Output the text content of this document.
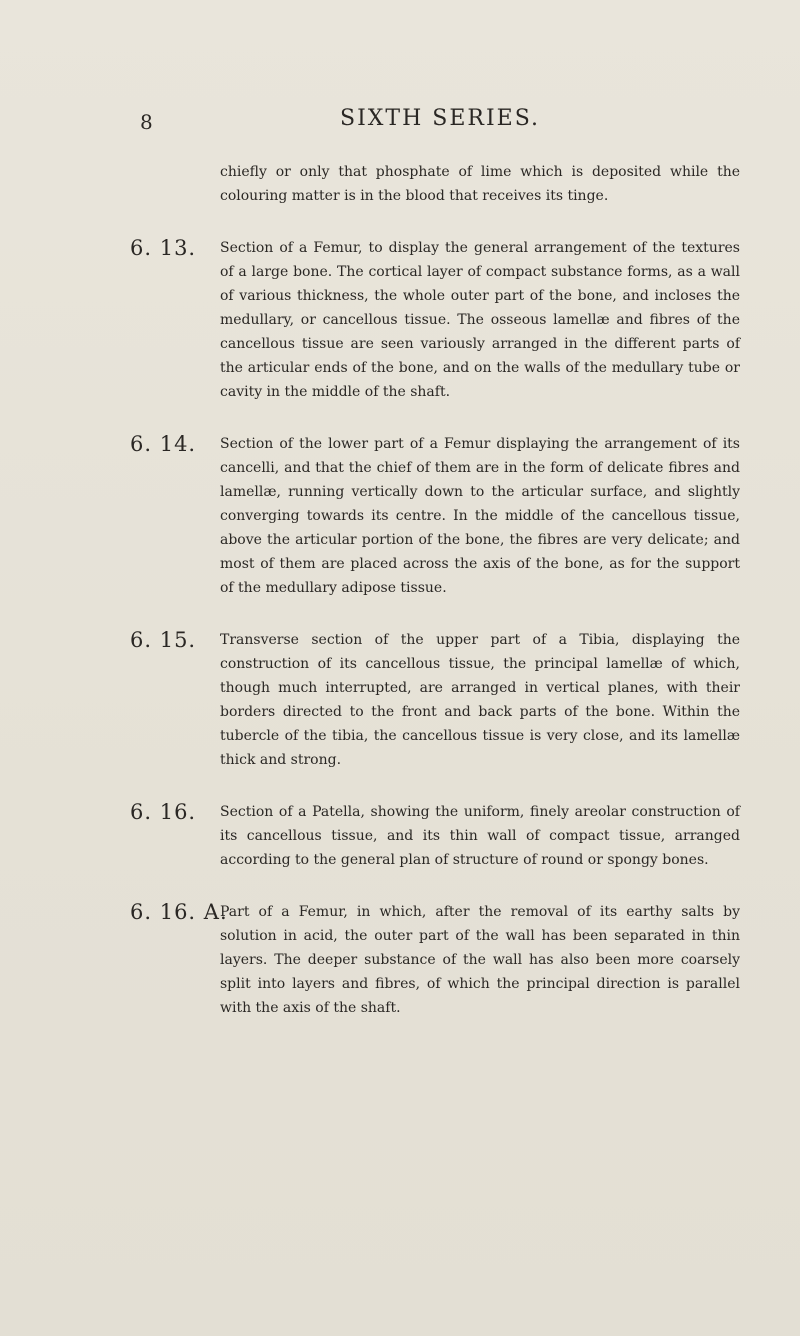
8	SIXTH SERIES.
chiefly or only that phosphate of lime which is deposited while the colouring matter is in the blood that receives its tinge.
6. 13. Section of a Femur, to display the general arrangement of the textures of a large bone. The cortical layer of compact substance forms, as a wall of various thickness, the whole outer part of the bone, and incloses the medullary, or cancellous tissue. The osseous lamellæ and fibres of the cancellous tissue are seen variously arranged in the different parts of the articular ends of the bone, and on the walls of the medullary tube or cavity in the middle of the shaft.
6. 14. Section of the lower part of a Femur displaying the arrangement of its cancelli, and that the chief of them are in the form of delicate fibres and lamellæ, running vertically down to the articular surface, and slightly converging towards its centre. In the middle of the cancellous tissue, above the articular portion of the bone, the fibres are very delicate; and most of them are placed across the axis of the bone, as for the support of the medullary adipose tissue.
6. 15. Transverse section of the upper part of a Tibia, displaying the construction of its cancellous tissue, the principal lamellæ of which, though much interrupted, are arranged in vertical planes, with their borders directed to the front and back parts of the bone. Within the tubercle of the tibia, the cancellous tissue is very close, and its lamellæ thick and strong.
6. 16. Section of a Patella, showing the uniform, finely areolar construction of its cancellous tissue, and its thin wall of compact tissue, arranged according to the general plan of structure of round or spongy bones.
6. 16. A.
Part of a Femur, in which, after the removal of its earthy salts by solution in acid, the outer part of the wall has been separated in thin layers. The deeper substance of the wall has also been more coarsely split into layers and fibres, of which the principal direction is parallel with the axis of the shaft.
